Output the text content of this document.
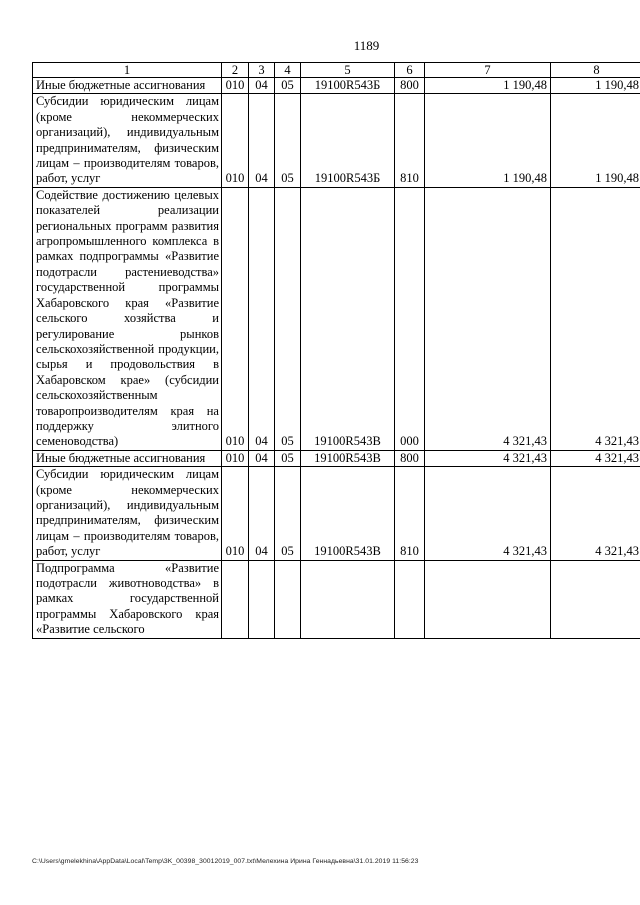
1189
1	2	3	4	5	6	7	8
Иные бюджетные ассигнования	010	04	05	19100R543Б	800	1 190,48	1 190,48
Субсидии юридическим лицам (кроме некоммерческих организаций), индивидуальным предпринимателям, физическим лицам – производителям товаров, работ, услуг	010	04	05	19100R543Б	810	1 190,48	1 190,48
Содействие достижению целевых показателей реализации региональных программ развития агропромышленного комплекса в рамках подпрограммы «Развитие подотрасли растениеводства» государственной программы Хабаровского края «Развитие сельского хозяйства и регулирование рынков сельскохозяйственной продукции, сырья и продовольствия в Хабаровском крае» (субсидии сельскохозяйственным товаропроизводителям края на поддержку элитного семеноводства)	010	04	05	19100R543В	000	4 321,43	4 321,43
Иные бюджетные ассигнования	010	04	05	19100R543В	800	4 321,43	4 321,43
Субсидии юридическим лицам (кроме некоммерческих организаций), индивидуальным предпринимателям, физическим лицам – производителям товаров, работ, услуг	010	04	05	19100R543В	810	4 321,43	4 321,43
Подпрограмма «Развитие подотрасли животноводства» в рамках государственной программы Хабаровского края «Развитие сельского							
C:\Users\gmelekhina\AppData\Local\Temp\3K_00398_30012019_007.txt\Мелехина Ирина Геннадьевна\31.01.2019 11:56:23
